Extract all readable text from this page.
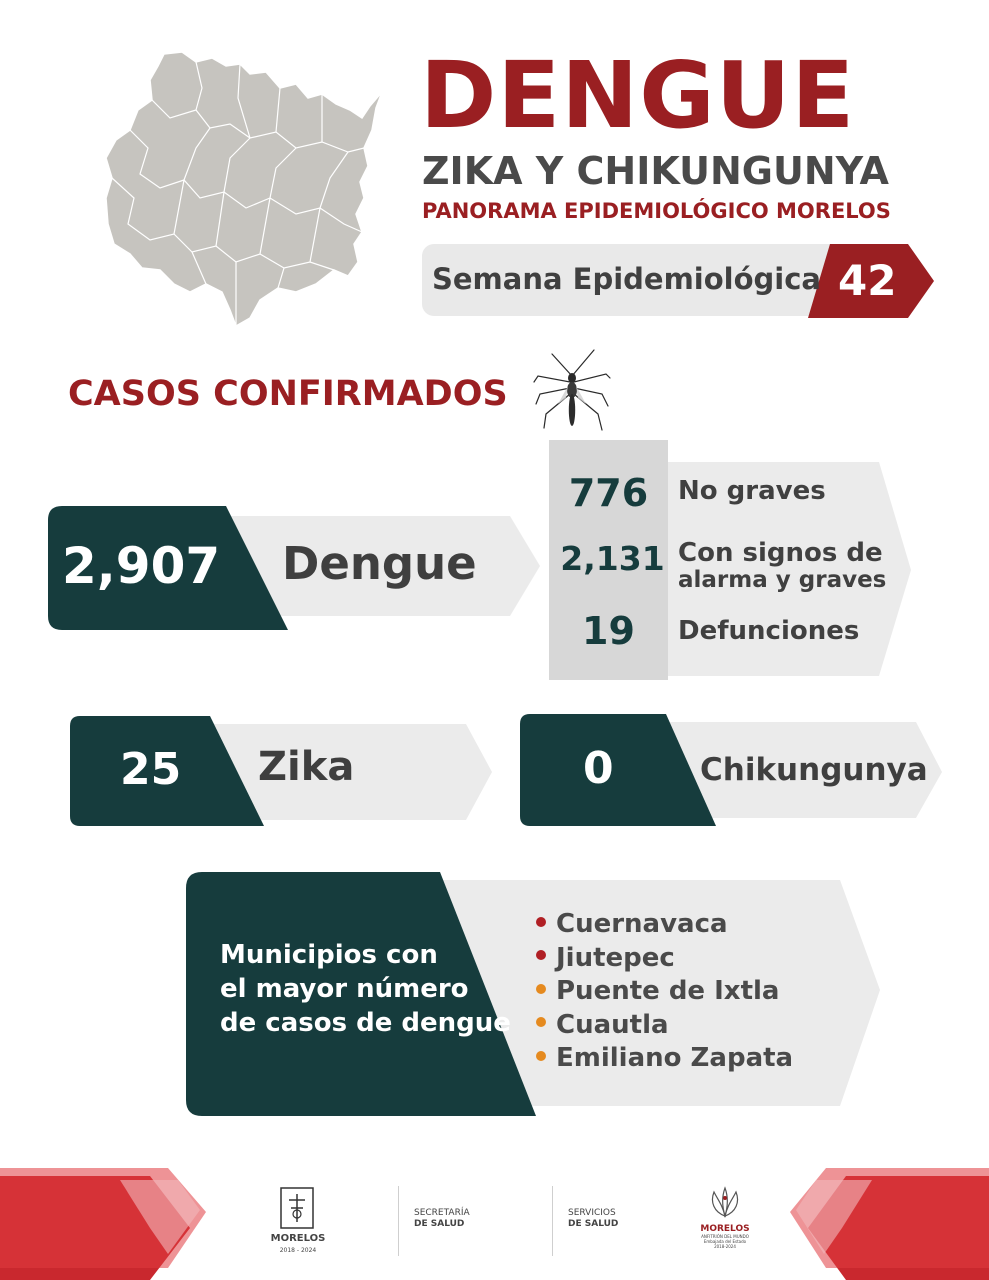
DENGUE
ZIKA Y CHIKUNGUNYA
PANORAMA EPIDEMIOLÓGICO MORELOS
Semana Epidemiológica 42
CASOS CONFIRMADOS
2,907 Dengue
776	No graves
2,131 Con signos de
alarma y graves
19	Defunciones
25 Zika	0	Chikungunya
Municipios con
el mayor número
de casos de dengue
Cuernavaca
Jiutepec
Puente de Ixtla
Cuautla
Emiliano Zapata
MORELOS
2018 - 2024
SECRETARÍA
DE SALUD
SERVICIOS
DE SALUD	MORELOS
ANFITRIÓN DEL MUNDO
Embajada del Estado
2018-2024
